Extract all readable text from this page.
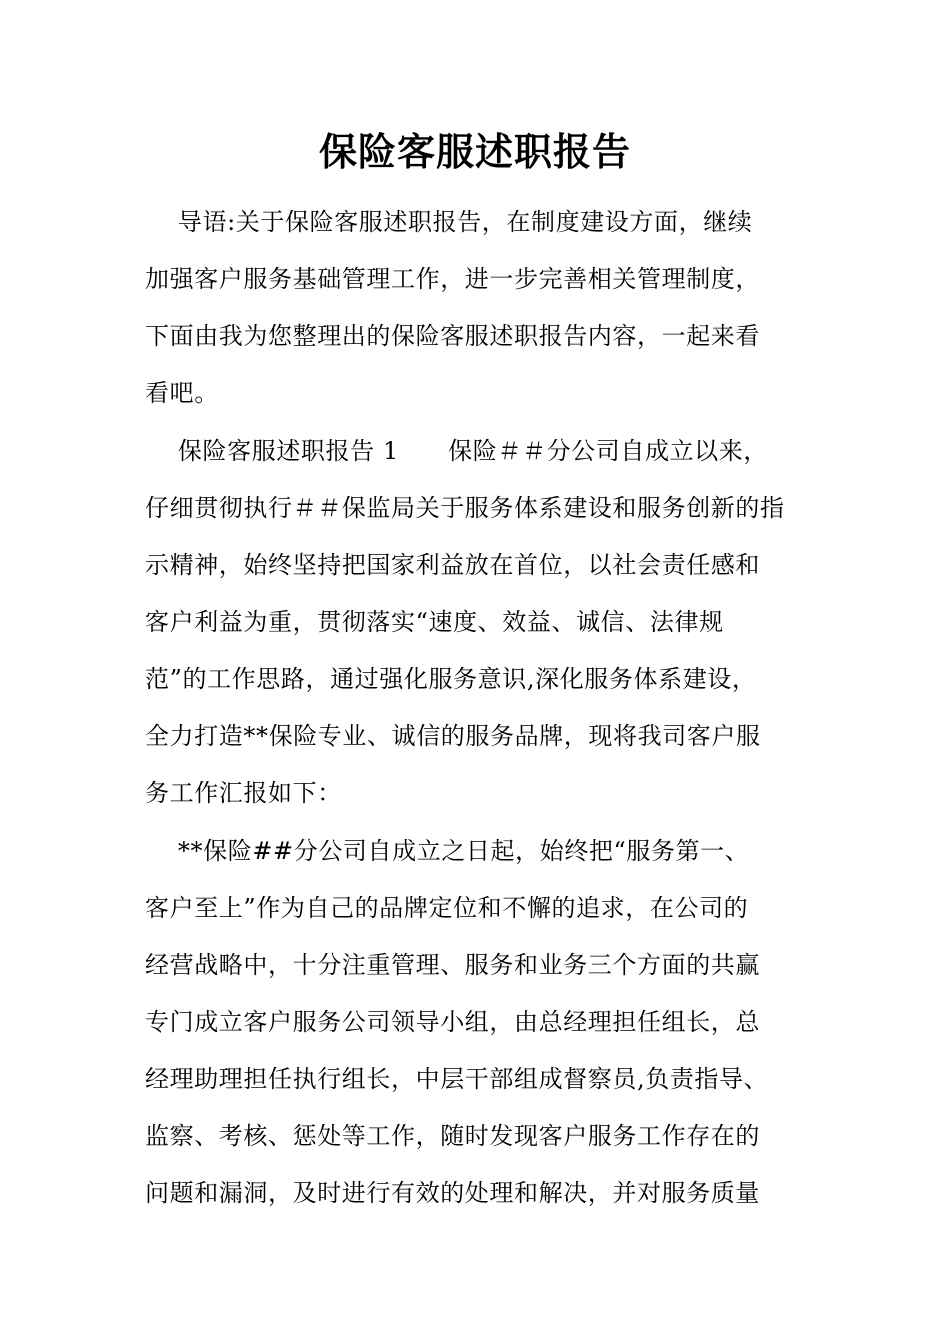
保险客服述职报告
导语:关于保险客服述职报告，在制度建设方面，继续
加强客户服务基础管理工作，进一步完善相关管理制度，
下面由我为您整理出的保险客服述职报告内容，一起来看
看吧。
保险客服述职报告 1      保险＃＃分公司自成立以来，
仔细贯彻执行＃＃保监局关于服务体系建设和服务创新的指
示精神，始终坚持把国家利益放在首位，以社会责任感和
客户利益为重，贯彻落实“速度、效益、诚信、法律规
范”的工作思路，通过强化服务意识,深化服务体系建设，
全力打造**保险专业、诚信的服务品牌，现将我司客户服
务工作汇报如下：
**保险##分公司自成立之日起，始终把“服务第一、
客户至上”作为自己的品牌定位和不懈的追求，在公司的
经营战略中，十分注重管理、服务和业务三个方面的共赢
专门成立客户服务公司领导小组，由总经理担任组长，总
经理助理担任执行组长，中层干部组成督察员,负责指导、
监察、考核、惩处等工作，随时发现客户服务工作存在的
问题和漏洞，及时进行有效的处理和解决，并对服务质量
